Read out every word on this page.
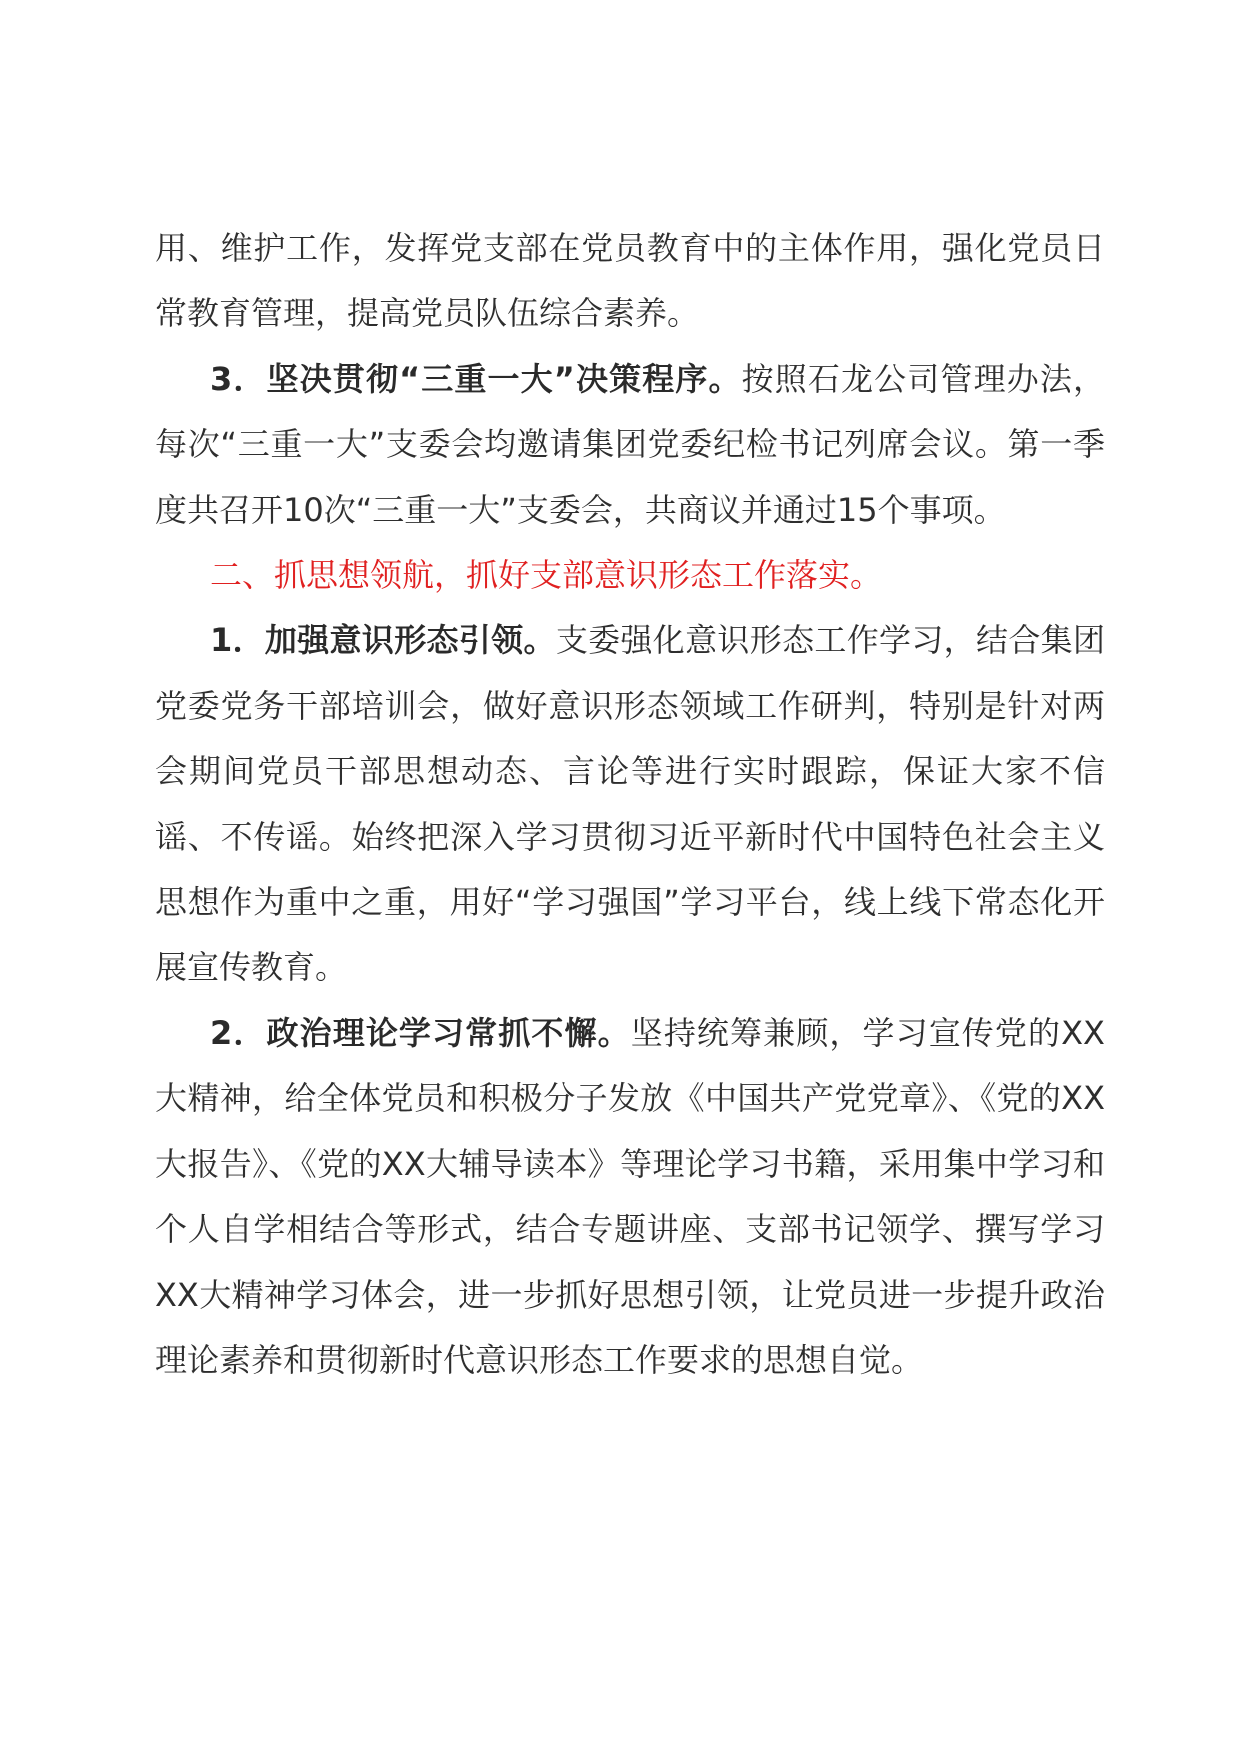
用、维护工作，发挥党支部在党员教育中的主体作用，强化党员日常教育管理，提高党员队伍综合素养。

3．坚决贯彻“三重一大”决策程序。按照石龙公司管理办法，每次“三重一大”支委会均邀请集团党委纪检书记列席会议。第一季度共召开10次“三重一大”支委会，共商议并通过15个事项。

二、抓思想领航，抓好支部意识形态工作落实。

1．加强意识形态引领。支委强化意识形态工作学习，结合集团党委党务干部培训会，做好意识形态领域工作研判，特别是针对两会期间党员干部思想动态、言论等进行实时跟踪，保证大家不信谣、不传谣。始终把深入学习贯彻习近平新时代中国特色社会主义思想作为重中之重，用好“学习强国”学习平台，线上线下常态化开展宣传教育。

2．政治理论学习常抓不懈。坚持统筹兼顾，学习宣传党的XX大精神，给全体党员和积极分子发放《中国共产党党章》、《党的XX大报告》、《党的XX大辅导读本》等理论学习书籍，采用集中学习和个人自学相结合等形式，结合专题讲座、支部书记领学、撰写学习XX大精神学习体会，进一步抓好思想引领，让党员进一步提升政治理论素养和贯彻新时代意识形态工作要求的思想自觉。
